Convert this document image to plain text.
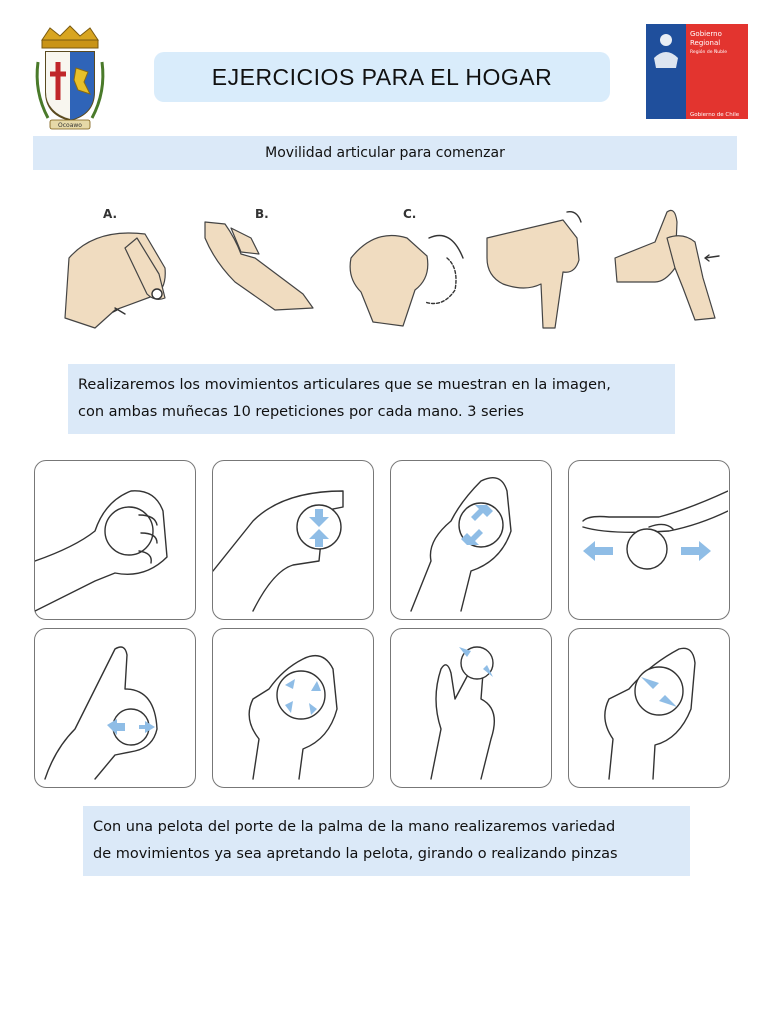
Ocoawo
EJERCICIOS PARA EL HOGAR
Gobierno
Regional
Región de Ñuble
Gobierno de Chile
Movilidad articular para comenzar
A.	B.	C.
Realizaremos los movimientos articulares que se muestran en la imagen,
con ambas muñecas 10 repeticiones por cada mano. 3 series
Con una pelota del porte de la palma de la mano realizaremos variedad
de movimientos ya sea apretando la pelota, girando o realizando pinzas
